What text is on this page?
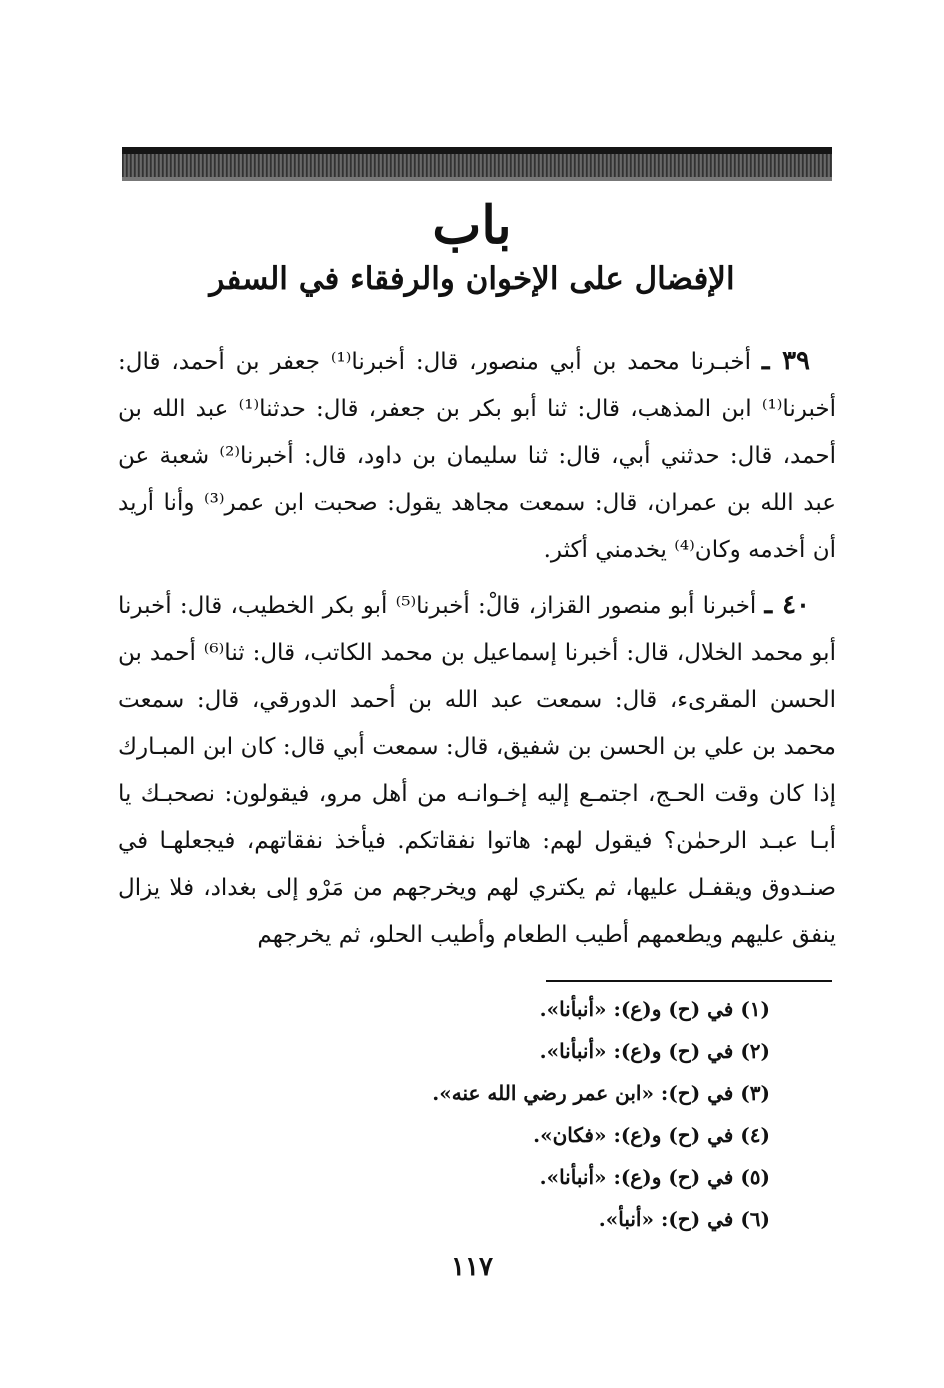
باب
الإفضال على الإخوان والرفقاء في السفر

٣٩ ـ أخبـرنا محمد بن أبي منصور، قال: أخبرنا⁽¹⁾ جعفر بن أحمد، قال: أخبرنا⁽¹⁾ ابن المذهب، قال: ثنا أبو بكر بن جعفر، قال: حدثنا⁽¹⁾ عبد الله بن أحمد، قال: حدثني أبي، قال: ثنا سليمان بن داود، قال: أخبرنا⁽²⁾ شعبة عن عبد الله بن عمران، قال: سمعت مجاهد يقول: صحبت ابن عمر⁽³⁾ وأنا أريد أن أخدمه وكان⁽⁴⁾ يخدمني أكثر.

٤٠ ـ أخبرنا أبو منصور القزاز، قالْ: أخبرنا⁽⁵⁾ أبو بكر الخطيب، قال: أخبرنا أبو محمد الخلال، قال: أخبرنا إسماعيل بن محمد الكاتب، قال: ثنا⁽⁶⁾ أحمد بن الحسن المقرىء، قال: سمعت عبد الله بن أحمد الدورقي، قال: سمعت محمد بن علي بن الحسن بن شفيق، قال: سمعت أبي قال: كان ابن المبـارك إذا كان وقت الحـج، اجتمـع إليه إخـوانـه من أهل مرو، فيقولون: نصحبـك يا أبـا عبـد الرحمٰن؟ فيقول لهم: هاتوا نفقاتكم. فيأخذ نفقاتهم، فيجعلهـا في صنـدوق ويقفـل عليها، ثم يكتري لهم ويخرجهم من مَرْو إلى بغداد، فلا يزال ينفق عليهم ويطعمهم أطيب الطعام وأطيب الحلو، ثم يخرجهم

(١) في (ح) و(ع): «أنبأنا».

(٢) في (ح) و(ع): «أنبأنا».

(٣) في (ح): «ابن عمر رضي الله عنه».

(٤) في (ح) و(ع): «فكان».

(٥) في (ح) و(ع): «أنبأنا».

(٦) في (ح): «أنبأ».

١١٧
